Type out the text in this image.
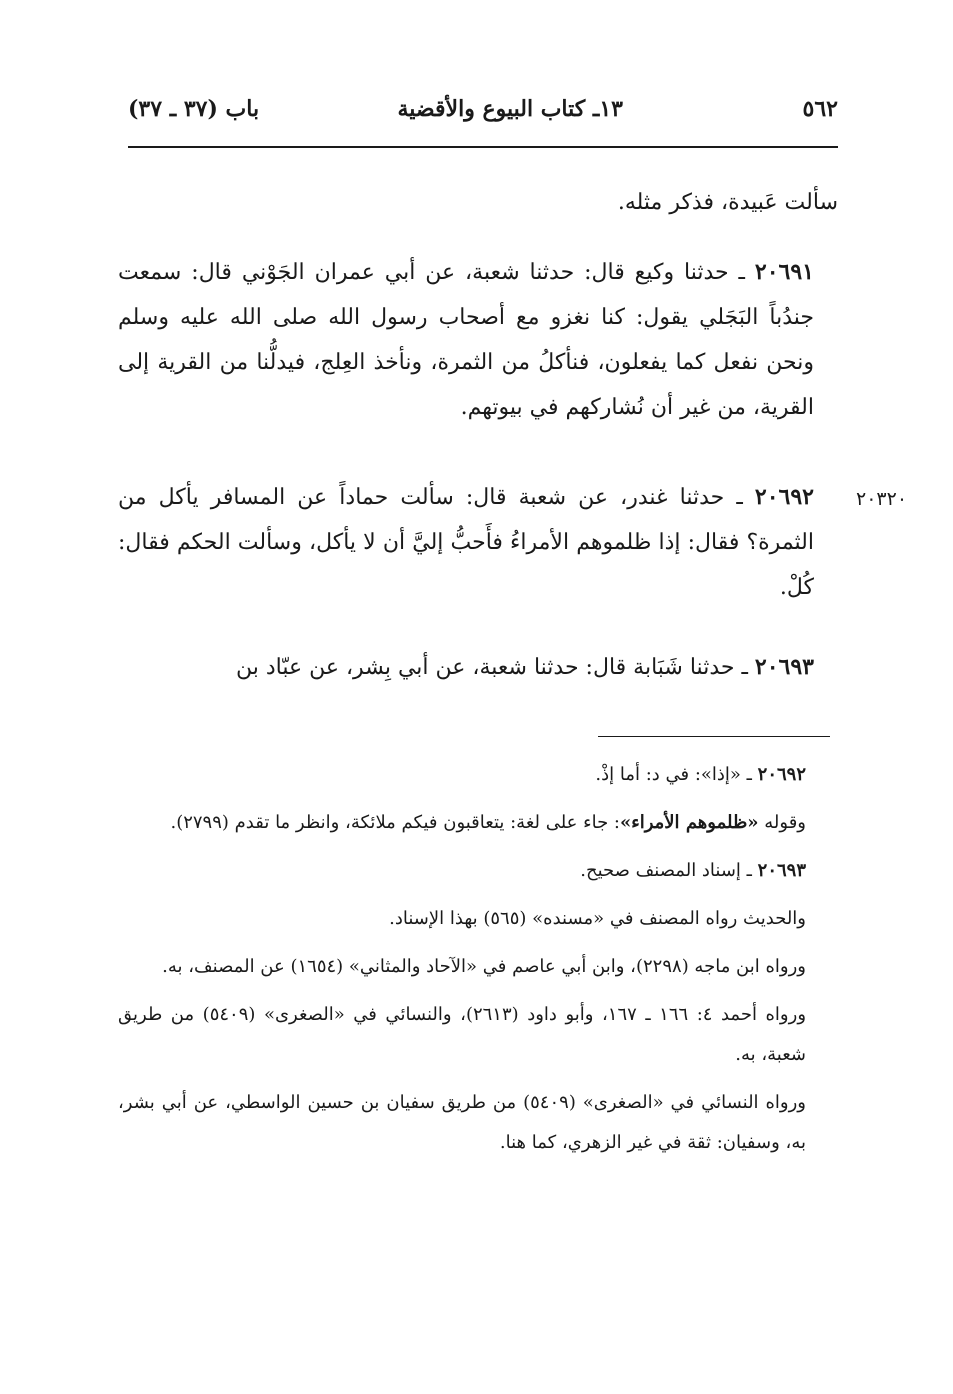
٥٦٢
١٣ـ كتاب البيوع والأقضية
باب (٣٧ ـ ٣٧)

سألت عَبيدة، فذكر مثله.

٢٠٦٩١ ـ حدثنا وكيع قال: حدثنا شعبة، عن أبي عمران الجَوْني قال: سمعت جندُباً البَجَلي يقول: كنا نغزو مع أصحاب رسول الله صلى الله عليه وسلم ونحن نفعل كما يفعلون، فنأكلُ من الثمرة، ونأخذ العِلج، فيدلُّنا من القرية إلى القرية، من غير أن نُشاركهم في بيوتهم.

٢٠٦٩٢ ـ حدثنا غندر، عن شعبة قال: سألت حماداً عن المسافر يأكل من الثمرة؟ فقال: إذا ظلموهم الأمراءُ فأَحبُّ إليَّ أن لا يأكل، وسألت الحكم فقال: كُلْ.

٢٠٣٢٠

٢٠٦٩٣ ـ حدثنا شَبَابة قال: حدثنا شعبة، عن أبي بِشر، عن عبّاد بن

٢٠٦٩٢ ـ «إذا»: في د: أما إذْ.

وقوله «ظلموهم الأمراء»: جاء على لغة: يتعاقبون فيكم ملائكة، وانظر ما تقدم (٢٧٩٩).

٢٠٦٩٣ ـ إسناد المصنف صحيح.

والحديث رواه المصنف في «مسنده» (٥٦٥) بهذا الإسناد.

ورواه ابن ماجه (٢٢٩٨)، وابن أبي عاصم في «الآحاد والمثاني» (١٦٥٤) عن المصنف، به.

ورواه أحمد ٤: ١٦٦ ـ ١٦٧، وأبو داود (٢٦١٣)، والنسائي في «الصغرى» (٥٤٠٩) من طريق شعبة، به.

ورواه النسائي في «الصغرى» (٥٤٠٩) من طريق سفيان بن حسين الواسطي، عن أبي بشر، به، وسفيان: ثقة في غير الزهري، كما هنا.
